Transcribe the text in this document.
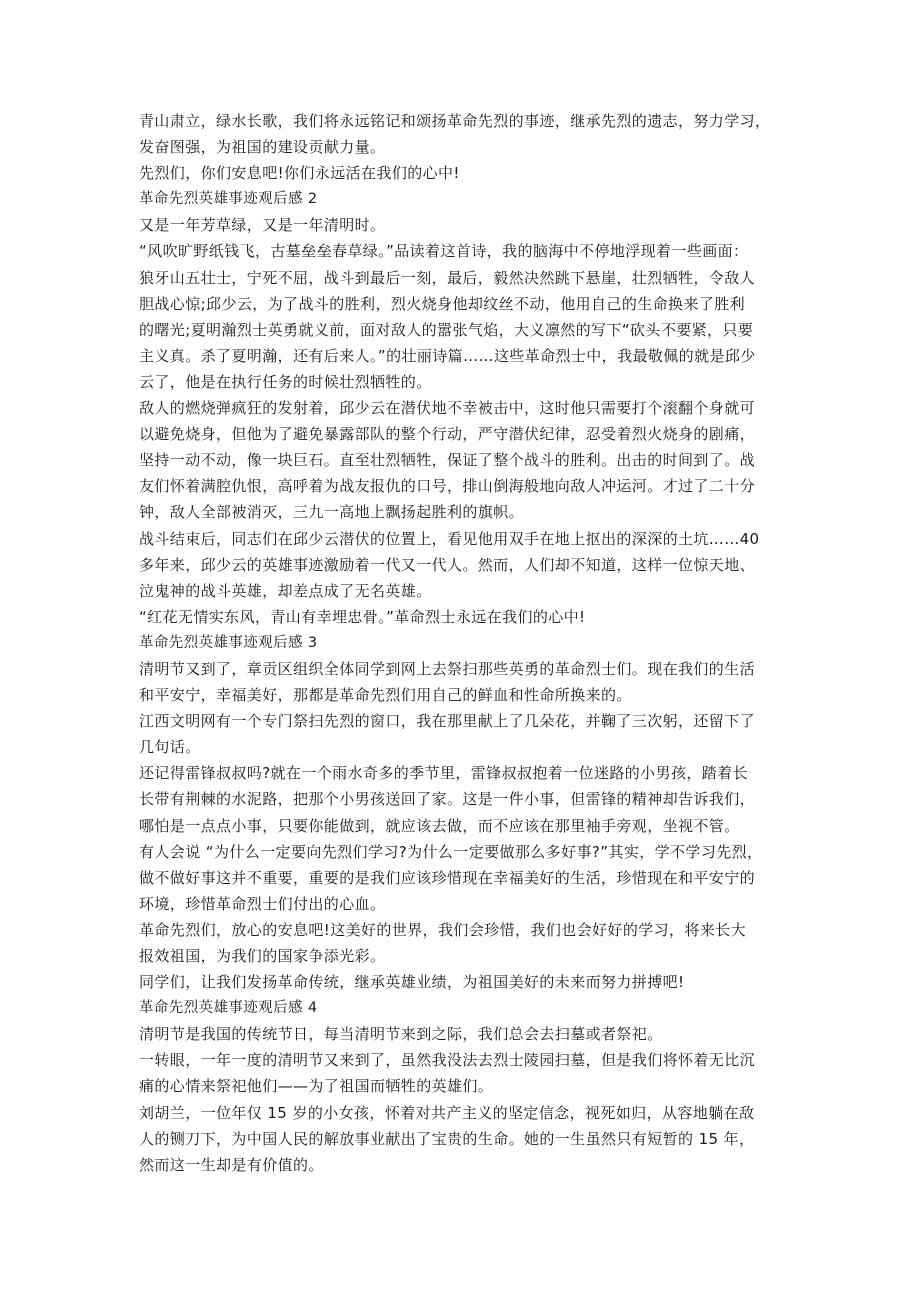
青山肃立，绿水长歌，我们将永远铭记和颂扬革命先烈的事迹，继承先烈的遗志，努力学习，
发奋图强，为祖国的建设贡献力量。
先烈们，你们安息吧!你们永远活在我们的心中!
革命先烈英雄事迹观后感 2
又是一年芳草绿，又是一年清明时。
“风吹旷野纸钱飞，古墓垒垒春草绿。”品读着这首诗，我的脑海中不停地浮现着一些画面：
狼牙山五壮士，宁死不屈，战斗到最后一刻，最后，毅然决然跳下悬崖，壮烈牺牲，令敌人
胆战心惊;邱少云，为了战斗的胜利，烈火烧身他却纹丝不动，他用自己的生命换来了胜利
的曙光;夏明瀚烈士英勇就义前，面对敌人的嚣张气焰，大义凛然的写下“砍头不要紧，只要
主义真。杀了夏明瀚，还有后来人。”的壮丽诗篇……这些革命烈士中，我最敬佩的就是邱少
云了，他是在执行任务的时候壮烈牺牲的。
敌人的燃烧弹疯狂的发射着，邱少云在潜伏地不幸被击中，这时他只需要打个滚翻个身就可
以避免烧身，但他为了避免暴露部队的整个行动，严守潜伏纪律，忍受着烈火烧身的剧痛，
坚持一动不动，像一块巨石。直至壮烈牺牲，保证了整个战斗的胜利。出击的时间到了。战
友们怀着满腔仇恨，高呼着为战友报仇的口号，排山倒海般地向敌人冲运河。才过了二十分
钟，敌人全部被消灭，三九一高地上飘扬起胜利的旗帜。
战斗结束后，同志们在邱少云潜伏的位置上，看见他用双手在地上抠出的深深的土坑……40
多年来，邱少云的英雄事迹激励着一代又一代人。然而，人们却不知道，这样一位惊天地、
泣鬼神的战斗英雄，却差点成了无名英雄。
“红花无情实东风，青山有幸埋忠骨。”革命烈士永远在我们的心中!
革命先烈英雄事迹观后感 3
清明节又到了，章贡区组织全体同学到网上去祭扫那些英勇的革命烈士们。现在我们的生活
和平安宁，幸福美好，那都是革命先烈们用自己的鲜血和性命所换来的。
江西文明网有一个专门祭扫先烈的窗口，我在那里献上了几朵花，并鞠了三次躬，还留下了
几句话。
还记得雷锋叔叔吗?就在一个雨水奇多的季节里，雷锋叔叔抱着一位迷路的小男孩，踏着长
长带有荆棘的水泥路，把那个小男孩送回了家。这是一件小事，但雷锋的精神却告诉我们，
哪怕是一点点小事，只要你能做到，就应该去做，而不应该在那里袖手旁观，坐视不管。
有人会说 “为什么一定要向先烈们学习?为什么一定要做那么多好事?”其实，学不学习先烈，
做不做好事这并不重要，重要的是我们应该珍惜现在幸福美好的生活，珍惜现在和平安宁的
环境，珍惜革命烈士们付出的心血。
革命先烈们，放心的安息吧!这美好的世界，我们会珍惜，我们也会好好的学习，将来长大
报效祖国，为我们的国家争添光彩。
同学们，让我们发扬革命传统，继承英雄业绩，为祖国美好的未来而努力拼搏吧!
革命先烈英雄事迹观后感 4
清明节是我国的传统节日，每当清明节来到之际，我们总会去扫墓或者祭祀。
一转眼，一年一度的清明节又来到了，虽然我没法去烈士陵园扫墓，但是我们将怀着无比沉
痛的心情来祭祀他们——为了祖国而牺牲的英雄们。
刘胡兰，一位年仅 15 岁的小女孩，怀着对共产主义的坚定信念，视死如归，从容地躺在敌
人的铡刀下，为中国人民的解放事业献出了宝贵的生命。她的一生虽然只有短暂的 15 年，
然而这一生却是有价值的。
